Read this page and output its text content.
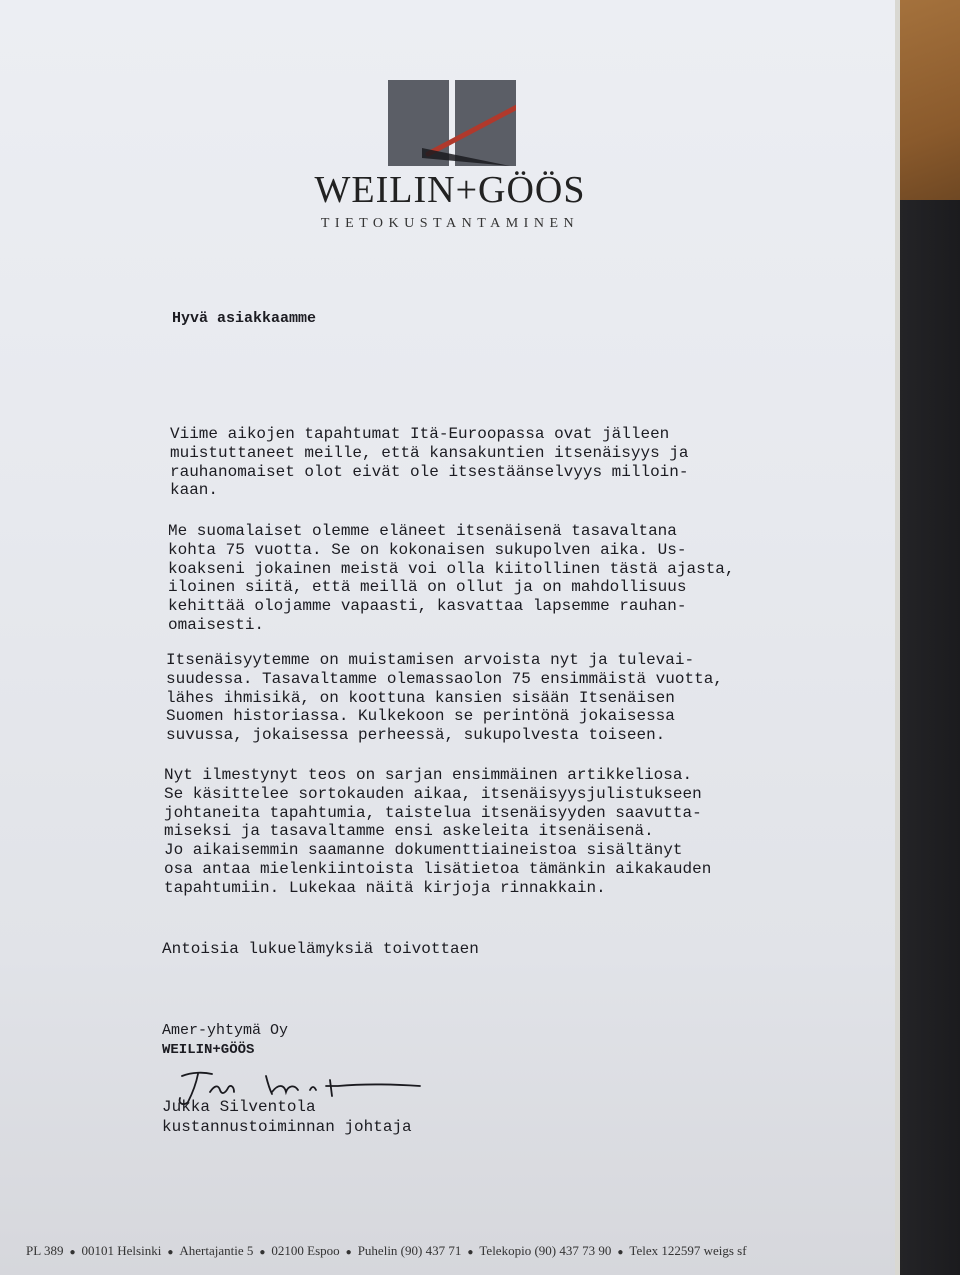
WEILIN+GÖÖS
TIETOKUSTANTAMINEN
Hyvä asiakkaamme

Viime aikojen tapahtumat Itä-Euroopassa ovat jälleen
muistuttaneet meille, että kansakuntien itsenäisyys ja
rauhanomaiset olot eivät ole itsestäänselvyys milloin-
kaan.

Me suomalaiset olemme eläneet itsenäisenä tasavaltana
kohta 75 vuotta. Se on kokonaisen sukupolven aika. Us-
koakseni jokainen meistä voi olla kiitollinen tästä ajasta,
iloinen siitä, että meillä on ollut ja on mahdollisuus
kehittää olojamme vapaasti, kasvattaa lapsemme rauhan-
omaisesti.

Itsenäisyytemme on muistamisen arvoista nyt ja tulevai-
suudessa. Tasavaltamme olemassaolon 75 ensimmäistä vuotta,
lähes ihmisikä, on koottuna kansien sisään Itsenäisen
Suomen historiassa. Kulkekoon se perintönä jokaisessa
suvussa, jokaisessa perheessä, sukupolvesta toiseen.

Nyt ilmestynyt teos on sarjan ensimmäinen artikkeliosa.
Se käsittelee sortokauden aikaa, itsenäisyysjulistukseen
johtaneita tapahtumia, taistelua itsenäisyyden saavutta-
miseksi ja tasavaltamme ensi askeleita itsenäisenä.
Jo aikaisemmin saamanne dokumenttiaineistoa sisältänyt
osa antaa mielenkiintoista lisätietoa tämänkin aikakauden
tapahtumiin. Lukekaa näitä kirjoja rinnakkain.

Antoisia lukuelämyksiä toivottaen
Amer-yhtymä Oy
WEILIN+GÖÖS
Jukka Silventola
kustannustoiminnan johtaja
PL 389 ● 00101 Helsinki ● Ahertajantie 5 ● 02100 Espoo ● Puhelin (90) 437 71 ● Telekopio (90) 437 73 90 ● Telex 122597 weigs sf
